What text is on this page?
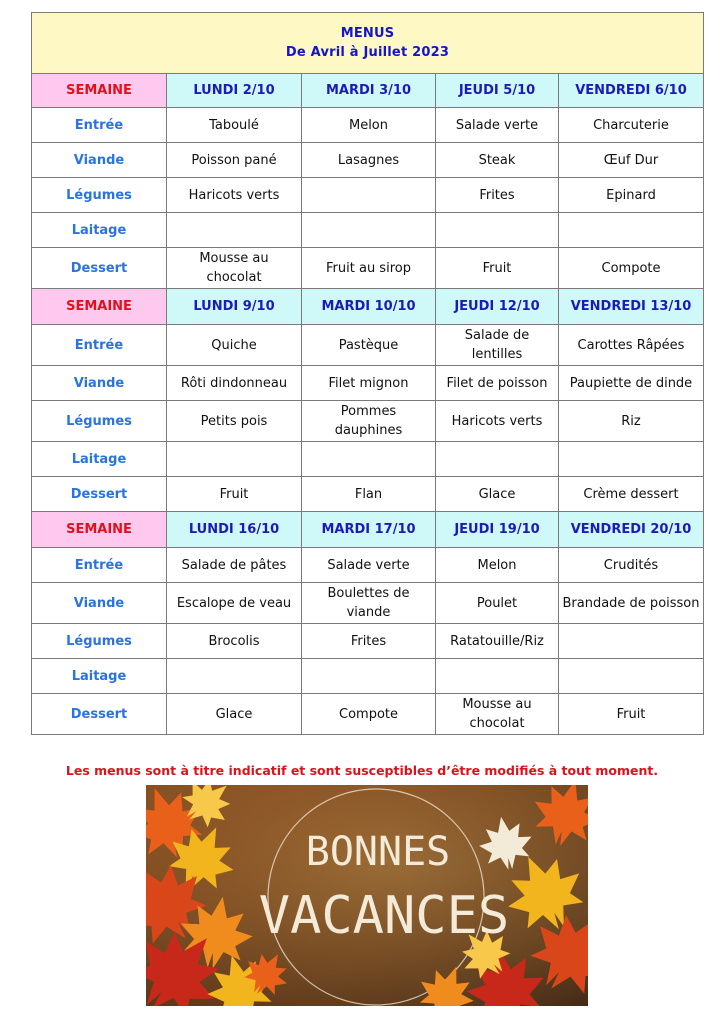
MENUS
De Avril à Juillet 2023				

SEMAINE	LUNDI 2/10	MARDI 3/10	JEUDI 5/10	VENDREDI 6/10
Entrée	Taboulé	Melon	Salade verte	Charcuterie
Viande	Poisson pané	Lasagnes	Steak	Œuf Dur
Légumes	Haricots verts		Frites	Epinard
Laitage				
Dessert	Mousse au chocolat	Fruit au sirop	Fruit	Compote
SEMAINE	LUNDI 9/10	MARDI 10/10	JEUDI 12/10	VENDREDI 13/10
Entrée	Quiche	Pastèque	Salade de lentilles	Carottes Râpées
Viande	Rôti dindonneau	Filet mignon	Filet de poisson	Paupiette de dinde
Légumes	Petits pois	Pommes dauphines	Haricots verts	Riz
Laitage				
Dessert	Fruit	Flan	Glace	Crème dessert
SEMAINE	LUNDI 16/10	MARDI 17/10	JEUDI 19/10	VENDREDI 20/10
Entrée	Salade de pâtes	Salade verte	Melon	Crudités
Viande	Escalope de veau	Boulettes de viande	Poulet	Brandade de poisson
Légumes	Brocolis	Frites	Ratatouille/Riz	
Laitage				
Dessert	Glace	Compote	Mousse au chocolat	Fruit
Les menus sont à titre indicatif et sont susceptibles d’être modifiés à tout moment.
BONNES
VACANCES
